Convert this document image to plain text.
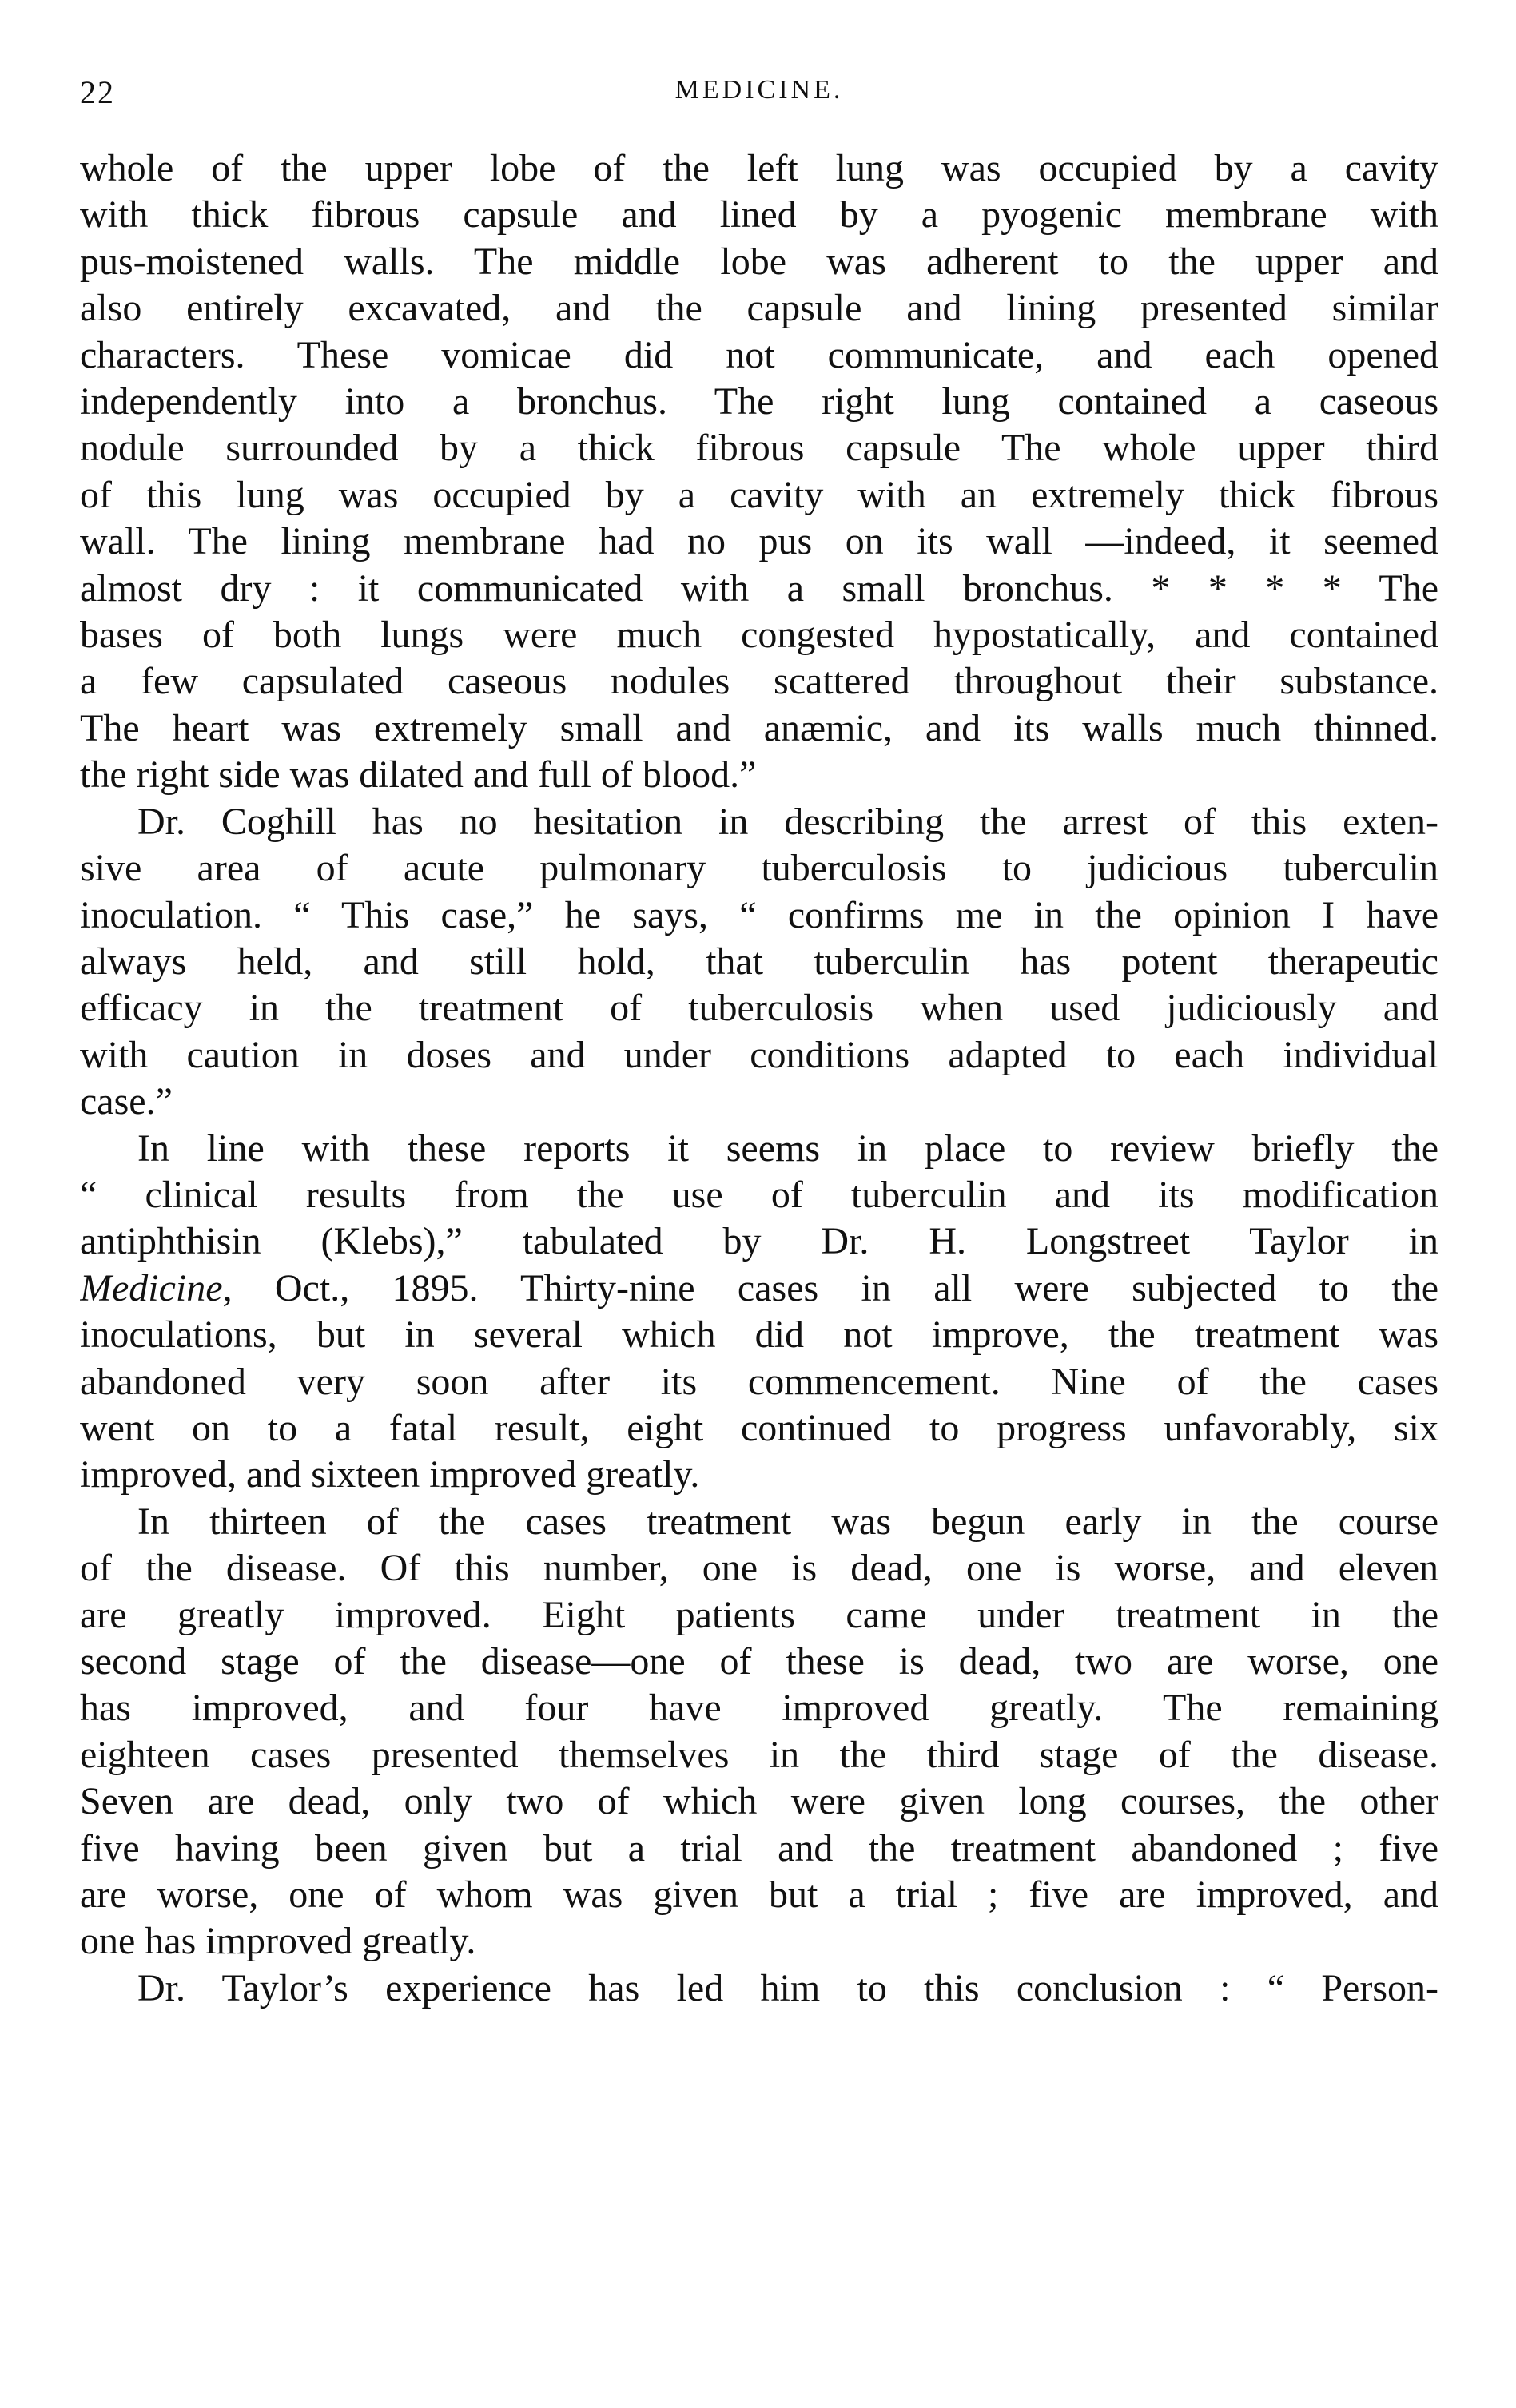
22	MEDICINE.

whole of the upper lobe of the left lung was occupied by a cavity
with thick fibrous capsule and lined by a pyogenic membrane with
pus-moistened walls. The middle lobe was adherent to the upper and
also entirely excavated, and the capsule and lining presented similar
characters. These vomicae did not communicate, and each opened
independently into a bronchus. The right lung contained a caseous
nodule surrounded by a thick fibrous capsule The whole upper third
of this lung was occupied by a cavity with an extremely thick fibrous
wall. The lining membrane had no pus on its wall —indeed, it seemed
almost dry : it communicated with a small bronchus. * * * * The
bases of both lungs were much congested hypostatically, and contained
a few capsulated caseous nodules scattered throughout their substance.
The heart was extremely small and anæmic, and its walls much thinned.
the right side was dilated and full of blood.”

Dr. Coghill has no hesitation in describing the arrest of this exten-
sive area of acute pulmonary tuberculosis to judicious tuberculin
inoculation. “ This case,” he says, “ confirms me in the opinion I have
always held, and still hold, that tuberculin has potent therapeutic
efficacy in the treatment of tuberculosis when used judiciously and
with caution in doses and under conditions adapted to each individual
case.”

In line with these reports it seems in place to review briefly the
“ clinical results from the use of tuberculin and its modification
antiphthisin (Klebs),” tabulated by Dr. H. Longstreet Taylor in
Medicine, Oct., 1895. Thirty-nine cases in all were subjected to the
inoculations, but in several which did not improve, the treatment was
abandoned very soon after its commencement. Nine of the cases
went on to a fatal result, eight continued to progress unfavorably, six
improved, and sixteen improved greatly.

In thirteen of the cases treatment was begun early in the course
of the disease. Of this number, one is dead, one is worse, and eleven
are greatly improved. Eight patients came under treatment in the
second stage of the disease—one of these is dead, two are worse, one
has improved, and four have improved greatly. The remaining
eighteen cases presented themselves in the third stage of the disease.
Seven are dead, only two of which were given long courses, the other
five having been given but a trial and the treatment abandoned ; five
are worse, one of whom was given but a trial ; five are improved, and
one has improved greatly.

Dr. Taylor’s experience has led him to this conclusion : “ Person-
